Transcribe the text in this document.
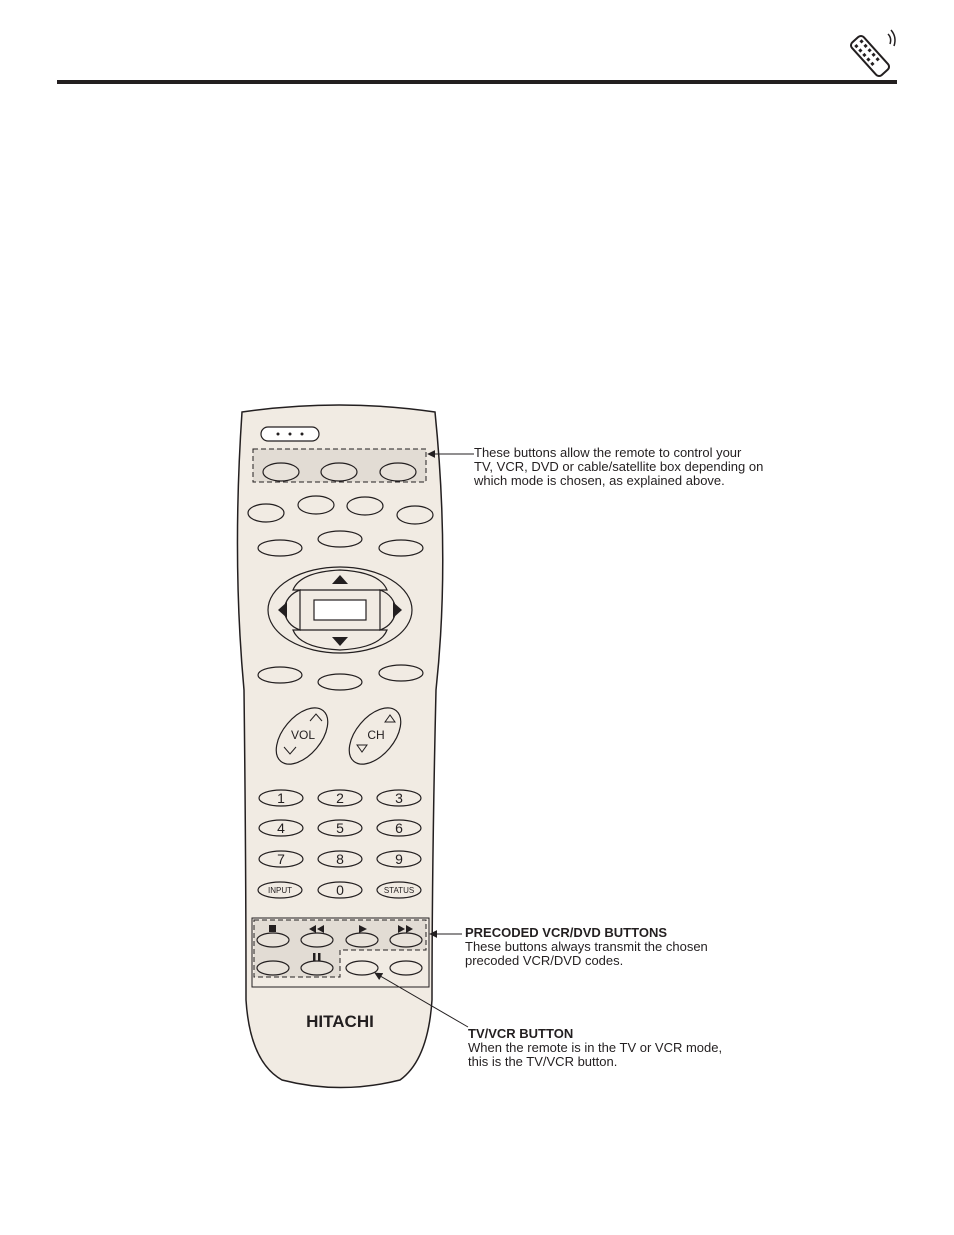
VOL	CH
1	2	3
4	5	6
7	8	9
INPUT	0	STATUS
HITACHI
These buttons allow the remote to control your
TV, VCR, DVD or cable/satellite box depending on
which mode is chosen, as explained above.
PRECODED VCR/DVD BUTTONS
These buttons always transmit the chosen
precoded VCR/DVD codes.
TV/VCR BUTTON
When the remote is in the TV or VCR mode,
this is the TV/VCR button.
